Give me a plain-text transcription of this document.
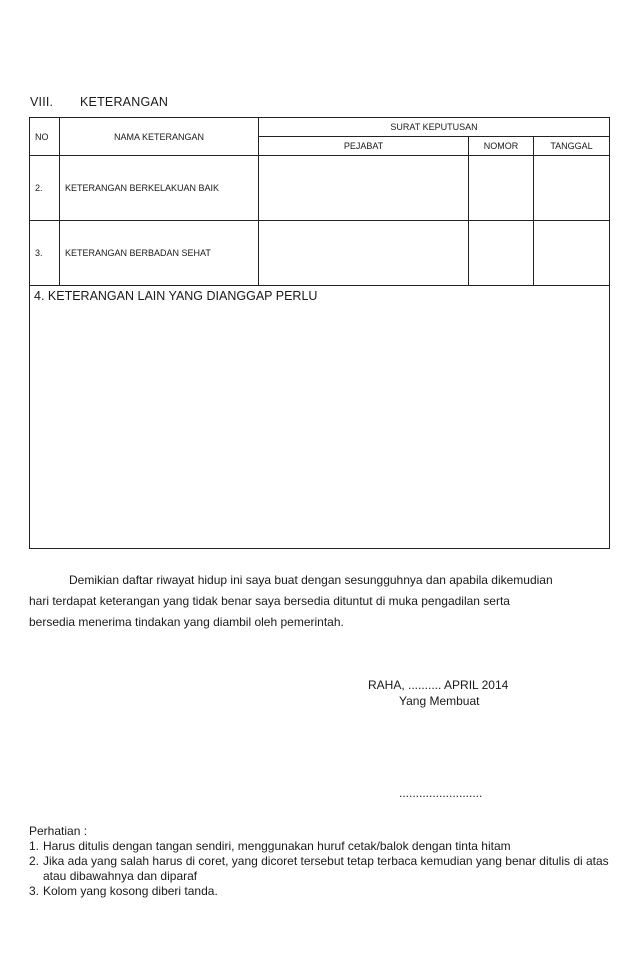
VIII. KETERANGAN
NO	NAMA KETERANGAN	SURAT KEPUTUSAN		
		PEJABAT	NOMOR	TANGGAL
2.	KETERANGAN BERKELAKUAN BAIK			
3.	KETERANGAN BERBADAN SEHAT			
4. KETERANGAN LAIN YANG DIANGGAP PERLU				

Demikian daftar riwayat hidup ini saya buat dengan sesungguhnya dan apabila dikemudian

hari terdapat keterangan yang tidak benar saya bersedia dituntut di muka pengadilan serta

bersedia menerima tindakan yang diambil oleh pemerintah.

RAHA, .......... APRIL 2014
Yang Membuat
.........................
Perhatian :
1. Harus ditulis dengan tangan sendiri, menggunakan huruf cetak/balok dengan tinta hitam
2. Jika ada yang salah harus di coret, yang dicoret tersebut tetap terbaca kemudian yang benar ditulis di atas atau dibawahnya dan diparaf
3. Kolom yang kosong diberi tanda.
